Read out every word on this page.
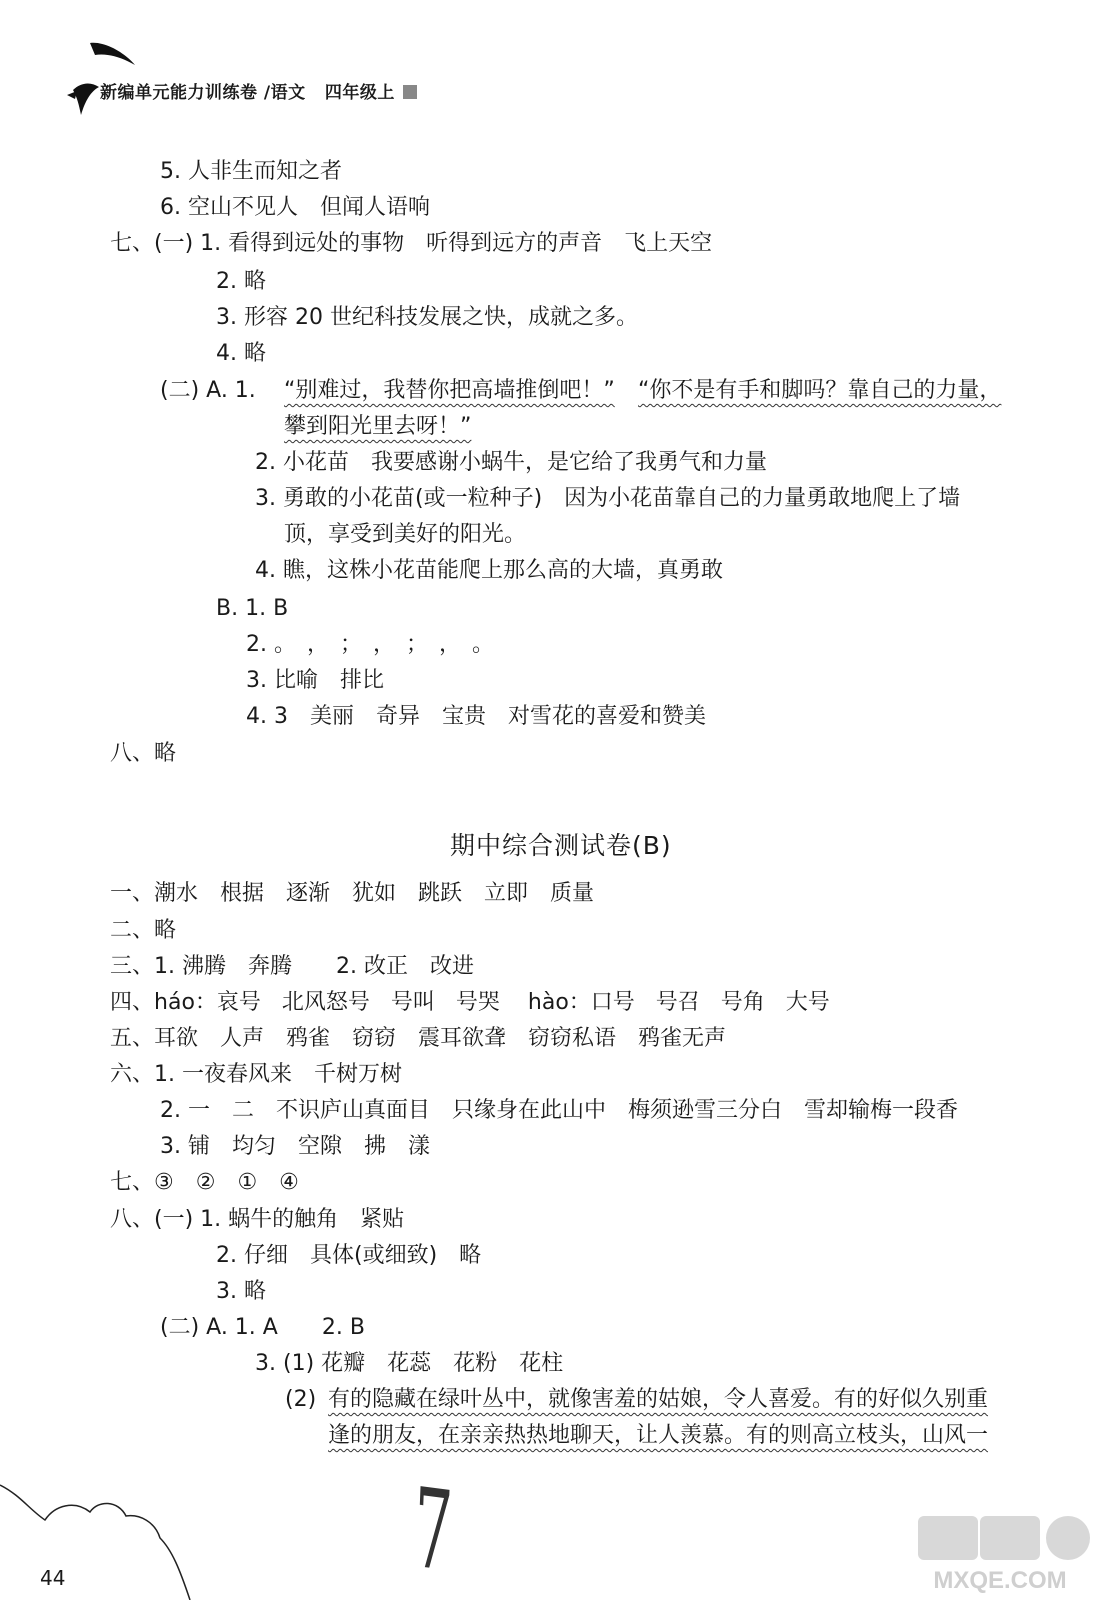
新编单元能力训练卷 /语文 四年级上
5. 人非生而知之者
6. 空山不见人　但闻人语响
七、(一) 1. 看得到远处的事物　听得到远方的声音　飞上天空
2. 略
3. 形容 20 世纪科技发展之快，成就之多。
4. 略
(二) A. 1. “别难过，我替你把高墙推倒吧！” “你不是有手和脚吗？靠自己的力量，
攀到阳光里去呀！”
2. 小花苗　我要感谢小蜗牛，是它给了我勇气和力量
3. 勇敢的小花苗(或一粒种子)　因为小花苗靠自己的力量勇敢地爬上了墙
顶，享受到美好的阳光。
4. 瞧，这株小花苗能爬上那么高的大墙，真勇敢
B. 1. B
2. 。　，　；　，　；　，　。
3. 比喻　排比
4. 3　美丽　奇异　宝贵　对雪花的喜爱和赞美
八、略
期中综合测试卷(B)
一、潮水　根据　逐渐　犹如　跳跃　立即　质量
二、略
三、1. 沸腾　奔腾　　2. 改正　改进
四、háo：哀号 北风怒号 号叫 号哭 hào：口号 号召 号角 大号
五、耳欲　人声　鸦雀　窃窃　震耳欲聋　窃窃私语　鸦雀无声
六、1. 一夜春风来　千树万树
2. 一　二　不识庐山真面目　只缘身在此山中　梅须逊雪三分白　雪却输梅一段香
3. 铺　均匀　空隙　拂　漾
七、③　②　①　④
八、(一) 1. 蜗牛的触角　紧贴
2. 仔细　具体(或细致)　略
3. 略
(二) A. 1. A　　2. B
3. (1) 花瓣　花蕊　花粉　花柱
(2) 有的隐藏在绿叶丛中，就像害羞的姑娘，令人喜爱。有的好似久别重
逢的朋友，在亲亲热热地聊天，让人羡慕。有的则高立枝头，山风一
44	7	MXQE.COM
